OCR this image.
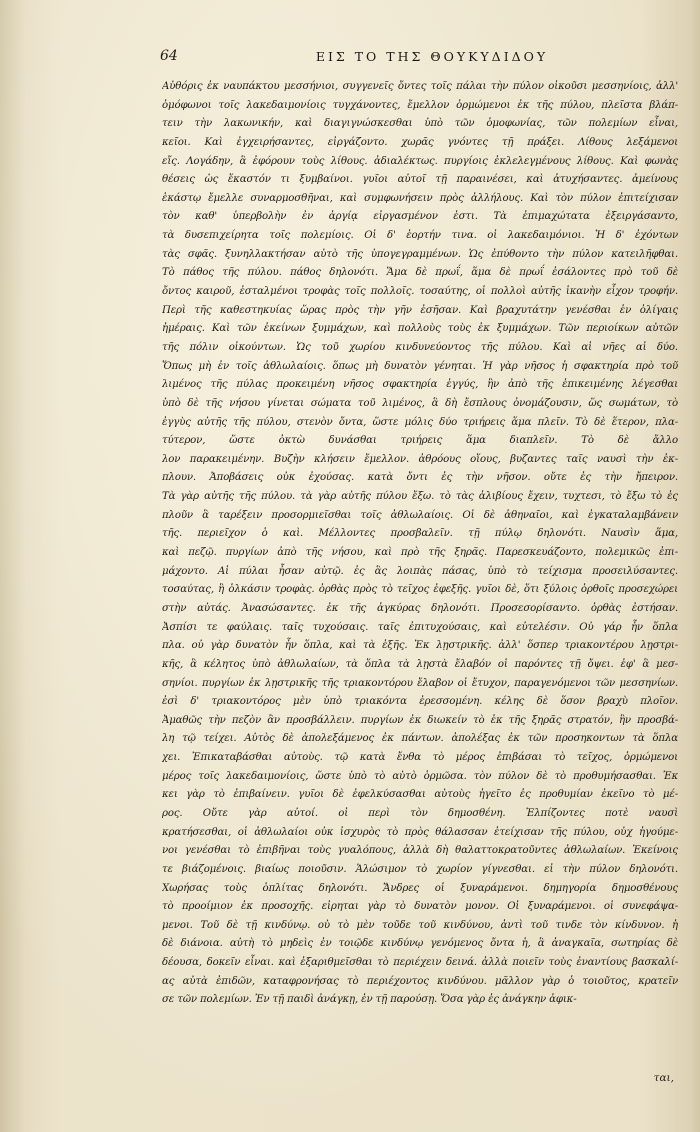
64	ΕΙΣ ΤΟ ΤΗΣ ΘΟΥΚΥΔΙΔΟΥ
Αὐθόρις ἐκ ναυπάκτου μεσσήνιοι, συγγενεῖς ὄντες τοῖς πάλαι τὴν πύλον οἰκοῦσι μεσσηνίοις, ἀλλ'
ὁμόφωνοι τοῖς λακεδαιμονίοις τυγχάνοντες, ἔμελλον ὁρμώμενοι ἐκ τῆς πύλου, πλεῖστα βλάπ-
τειν τὴν λακωνικήν, καὶ διαγιγνώσκεσθαι ὑπὸ τῶν ὁμοφωνίας, τῶν πολεμίων εἶναι,
κεῖοι. Καὶ ἐγχειρήσαντες, εἰργάζοντο. χωρᾶς γνόντες τῇ πράξει. Λίθους λεξάμενοι
εἴς. Λογάδην, ἃ ἐφόρουν τοὺς λίθους. ἀδιαλέκτως. πυργίοις ἐκλελεγμένους λίθους. Καὶ φωνὰς
θέσεις ὡς ἕκαστόν τι ξυμβαίνοι. γυῖοι αὐτοῖ τῇ παραινέσει, καὶ ἀτυχήσαντες. ἀμείνους
ἑκάστῳ ἔμελλε συναρμοσθῆναι, καὶ συμφωνήσειν πρὸς ἀλλήλους. Καὶ τὸν πύλον ἐπιτείχισαν
τὸν καθ' ὑπερβολὴν ἐν ἀργίᾳ εἰργασμένον ἐστι. Τὰ ἐπιμαχώτατα ἐξειργάσαντο,
τὰ δυσεπιχείρητα τοῖς πολεμίοις. Οἱ δ' ἑορτήν τινα. οἱ λακεδαιμόνιοι. Ἡ δ' ἐχόντων
τὰς σφᾶς. ξυνηλλακτήσαν αὐτὸ τῆς ὑπογεγραμμένων. Ὡς ἐπύθοντο τὴν πύλον κατειλῆφθαι.
Τὸ πάθος τῆς πύλου. πάθος δηλονότι. Ἅμα δὲ πρωΐ, ἅμα δὲ πρωΐ ἐσάλοντες πρὸ τοῦ δὲ
ὄντος καιροῦ, ἐσταλμένοι τροφὰς τοῖς πολλοῖς. τοσαύτης, οἱ πολλοὶ αὐτῆς ἱκανὴν εἶχον τροφήν.
Περὶ τῆς καθεστηκυίας ὥρας πρὸς τὴν γῆν ἐσῆσαν. Καὶ βραχυτάτην γενέσθαι ἐν ὀλίγαις
ἡμέραις. Καὶ τῶν ἐκείνων ξυμμάχων, καὶ πολλοὺς τοὺς ἐκ ξυμμάχων. Τῶν περιοίκων αὐτῶν
τῆς πόλιν οἰκούντων. Ὡς τοῦ χωρίου κινδυνεύοντος τῆς πύλου. Καὶ αἱ νῆες αἱ δύο.
Ὅπως μὴ ἐν τοῖς ἀθλωλαίοις. ὅπως μὴ δυνατὸν γένηται. Ἡ γὰρ νῆσος ἡ σφακτηρία πρὸ τοῦ
λιμένος τῆς πύλας προκειμένη νῆσος σφακτηρία ἐγγύς, ἣν ἀπὸ τῆς ἐπικειμένης λέγεσθαι
ὑπὸ δὲ τῆς νήσου γίνεται σώματα τοῦ λιμένος, ἃ δὴ ἔσπλους ὀνομάζουσιν, ὥς σωμάτων, τὸ
ἐγγὺς αὐτῆς τῆς πύλου, στενὸν ὄντα, ὥστε μόλις δύο τριήρεις ἅμα πλεῖν. Τὸ δὲ ἕτερον, πλα-
τύτερον, ὥστε ὀκτὼ δυνάσθαι τριήρεις ἅμα διαπλεῖν. Τὸ δὲ ἄλλο
λον παρακειμένην. Βυζὴν κλήσειν ἔμελλον. ἀθρόους οἵους, βυζαντες ταῖς ναυσὶ τὴν ἐκ-
πλουν. Ἀποβάσεις οὐκ ἐχούσας. κατὰ ὄντι ἐς τὴν νῆσον. οὔτε ἐς τὴν ἤπειρον.
Τὰ γὰρ αὐτῆς τῆς πύλου. τὰ γὰρ αὐτῆς πύλου ἔξω. τὸ τὰς ἁλιβίους ἔχειν, τυχτεσι, τὸ ἔξω τὸ ἐς
πλοῦν ἃ ταρέξειν προσορμιεῖσθαι τοῖς ἀθλωλαίοις. Οἱ δὲ ἀθηναῖοι, καὶ ἐγκαταλαμβάνειν
τῆς. περιεῖχον ὁ καὶ. Μέλλοντες προσβαλεῖν. τῇ πύλῳ δηλονότι. Ναυσὶν ἅμα,
καὶ πεζῷ. πυργίων ἀπὸ τῆς νήσου, καὶ πρὸ τῆς ξηρᾶς. Παρεσκευάζοντο, πολεμικῶς ἐπι-
μάχοντο. Αἱ πύλαι ἦσαν αὐτῷ. ἐς ἃς λοιπὰς πάσας, ὑπὸ τὸ τείχισμα προσειλύσαντες.
τοσαύτας, ἢ ὁλκάσιν τροφὰς. ὀρθὰς πρὸς τὸ τεῖχος ἐφεξῆς. γυῖοι δὲ, ὅτι ξύλοις ὀρθοῖς προσεχώρει
στὴν αὐτάς. Ἀνασώσαντες. ἐκ τῆς ἀγκύρας δηλονότι. Προσεσορίσαντο. ὀρθὰς ἐστήσαν.
Ἀσπίσι τε φαύλαις. ταῖς τυχούσαις. ταῖς ἐπιτυχούσαις, καὶ εὐτελέσιν. Οὐ γάρ ἦν ὅπλα
πλα. οὐ γὰρ δυνατὸν ἦν ὅπλα, καὶ τὰ ἑξῆς. Ἐκ λῃστρικῆς. ἀλλ' ὅσπερ τριακοντέρου λῃστρι-
κῆς, ἃ κέλητος ὑπὸ ἀθλωλαίων, τὰ ὅπλα τὰ λῃστὰ ἔλαβόν οἱ παρόντες τῇ ὄψει. ἐφ' ἃ μεσ-
σηνίοι. πυργίων ἐκ λῃστρικῆς τῆς τριακοντόρου ἔλαβον οἱ ἔτυχον, παραγενόμενοι τῶν μεσσηνίων.
ἐσὶ δ' τριακοντόρος μὲν ὑπὸ τριακόντα ἐρεσσομένη. κέλης δὲ ὅσον βραχὺ πλοῖον.
Ἀμαθῶς τὴν πεζὸν ἂν προσβάλλειν. πυργίων ἐκ διωκείν τὸ ἐκ τῆς ξηρᾶς στρατόν, ἣν προσβά-
λη τῷ τείχει. Αὐτὸς δὲ ἀπολεξάμενος ἐκ πάντων. ἀπολέξας ἐκ τῶν προσηκοντων τὰ ὅπλα
χει. Ἐπικαταβάσθαι αὐτοὺς. τῷ κατὰ ἔνθα τὸ μέρος ἐπιβάσαι τὸ τεῖχος, ὁρμώμενοι
μέρος τοῖς λακεδαιμονίοις, ὥστε ὑπὸ τὸ αὐτὸ ὁρμῶσα. τὸν πύλον δὲ τὸ προθυμήσασθαι. Ἐκ
κει γὰρ τὸ ἐπιβαίνειν. γυῖοι δὲ ἐφελκύσασθαι αὐτοὺς ἠγεῖτο ἐς προθυμίαν ἐκεῖνο τὸ μέ-
ρος. Οὔτε γὰρ αὐτοί. οἱ περὶ τὸν δημοσθένη. Ἐλπίζοντες ποτὲ ναυσὶ
κρατήσεσθαι, οἱ ἀθλωλαίοι οὐκ ἰσχυρὸς τὸ πρὸς θάλασσαν ἐτείχισαν τῆς πύλου, οὐχ ἡγούμε-
νοι γενέσθαι τὸ ἐπιβῆναι τοὺς γυαλόπους, ἀλλὰ δὴ θαλαττοκρατοῦντες ἀθλωλαίων. Ἐκείνοις
τε βιάζομένοις. βιαίως ποιοῦσιν. Ἁλώσιμον τὸ χωρίον γίγνεσθαι. εἰ τὴν πύλον δηλονότι.
Χωρήσας τοὺς ὁπλίτας δηλονότι. Ἄνδρες οἱ ξυναράμενοι. δημηγορία δημοσθένους
τὸ προοίμιον ἐκ προσοχῆς. εἰρηται γὰρ τὸ δυνατὸν μονον. Οἱ ξυναράμενοι. οἱ συνεφάψα-
μενοι. Τοῦ δὲ τῇ κινδύνῳ. οὐ τὸ μὲν τοῦδε τοῦ κινδύνου, ἀντὶ τοῦ τινδε τὸν κίνδυνον. ἡ
δὲ διάνοια. αὐτὴ τὸ μηδεὶς ἐν τοιῷδε κινδύνῳ γενόμενος ὄντα ἡ, ἃ ἀναγκαῖα, σωτηρίας δὲ
δέουσα, δοκεῖν εἶναι. καὶ ἐξαριθμεῖσθαι τὸ περιέχειν δεινά. ἀλλὰ ποιεῖν τοὺς ἐναντίους βασκαλί-
ας αὐτὰ ἐπιδῶν, καταφρονήσας τὸ περιέχοντος κινδύνου. μᾶλλον γὰρ ὁ τοιοῦτος, κρατεῖν
σε τῶν πολεμίων. Ἐν τῇ παιδὶ ἀνάγκῃ, ἐν τῇ παρούσῃ. Ὅσα γὰρ ἐς ἀνάγκην ἀφικ-
ται,
